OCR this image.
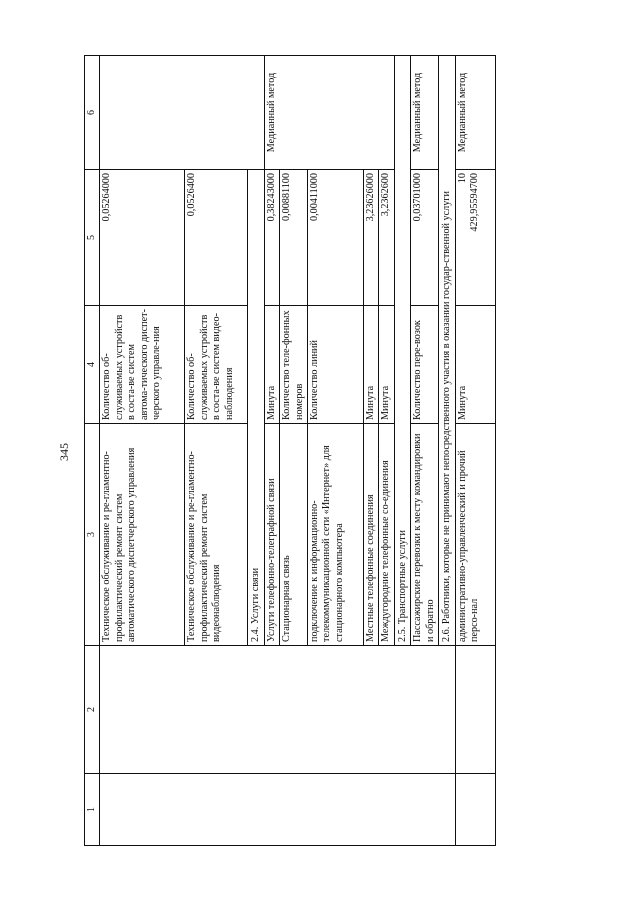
345
1	2	3	4	5	6
		Техническое обслуживание и ре-гламентно-профилактический ремонт систем автоматического диспетчерского управления	Количество об-служиваемых устройств в соста-ве систем автома-тического диспет-черского управле-ния	0,05264000	
		Техническое обслуживание и ре-гламентно-профилактический ремонт систем видеонаблюдения	Количество об-служиваемых устройств в соста-ве систем видео-наблюдения	0,0526400	
		2.4. Услуги связи			
		Услуги телефонно-телеграфной связи	Минута	0,38243000	Медианный метод
		Стационарная связь	Количество теле-фонных номеров	0,00881100	
		подключение к информационно-телекоммуникационной сети «Интернет» для стационарного компьютера	Количество линий	0,00411000	
		Местные телефонные соединения	Минута	3,23626000	
		Междугородние телефонные со-единения	Минута	3,2362600	
		2.5. Транспортные услуги			
		Пассажирские перевозки к месту командировки и обратно	Количество пере-возок	0,03701000	Медианный метод
		2.6. Работники, которые не принимают непосредственного участия в оказании государ-ственной услуги			
		административно-управленческий и прочий персо-нал	Минута	10 429,95594700	Медианный метод
